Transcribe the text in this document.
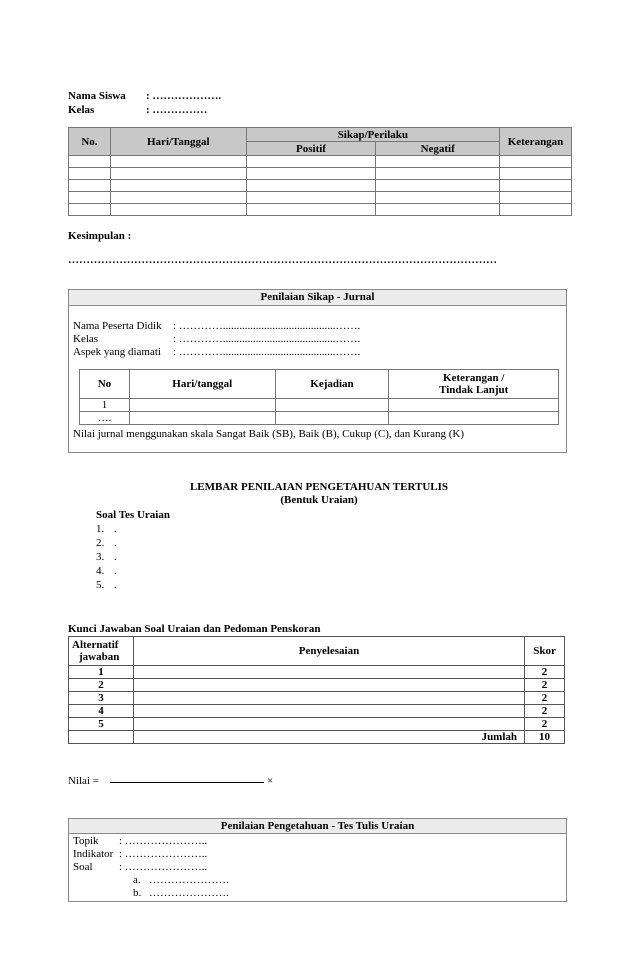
Nama Siswa : ……………….
Kelas	: ……………
No.	Hari/Tanggal	Sikap/Perilaku		Keterangan
		Positif	Negatif	

Kesimpulan :
………………………………………………………………………………………………………
Penilaian Sikap - Jurnal
Nama Peserta Didik : ………….........................................…….
Kelas	: ………….........................................…….
Aspek yang diamati : ………….........................................…….
No	Hari/tanggal	Kejadian	Keterangan /
Tindak Lanjut

1			
….			
Nilai jurnal menggunakan skala Sangat Baik (SB), Baik (B), Cukup (C), dan Kurang (K)
LEMBAR PENILAIAN PENGETAHUAN TERTULIS
(Bentuk Uraian)
Soal Tes Uraian
1. .
2. .
3. .
4. .
5. .
Kunci Jawaban Soal Uraian dan Pedoman Penskoran
Alternatif
jawaban	Penyelesaian	Skor
1		2
2		2
3		2
4		2
5		2
	Jumlah	10
Nilai =	×
Penilaian Pengetahuan - Tes Tulis Uraian
Topik : …………………..
Indikator : …………………..
Soal : …………………..
a. ………………….
b. ………………….
